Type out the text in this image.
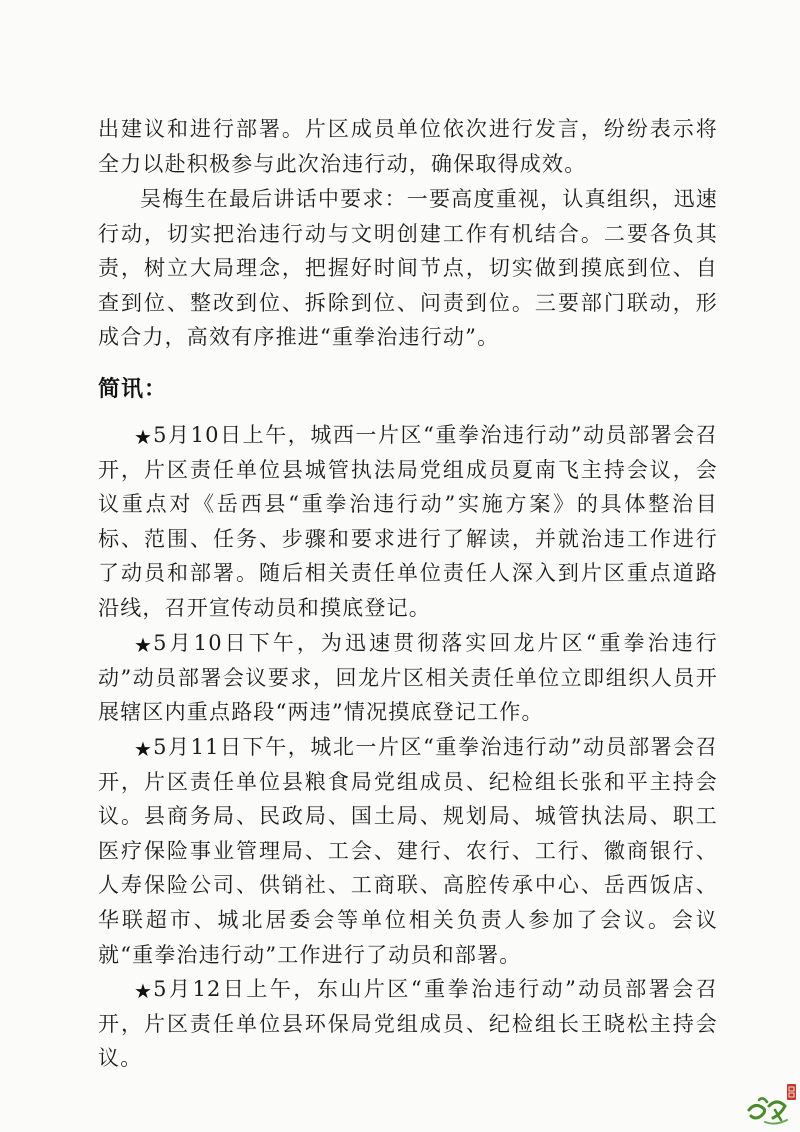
出建议和进行部署。片区成员单位依次进行发言，纷纷表示将全力以赴积极参与此次治违行动，确保取得成效。

吴梅生在最后讲话中要求：一要高度重视，认真组织，迅速行动，切实把治违行动与文明创建工作有机结合。二要各负其责，树立大局理念，把握好时间节点，切实做到摸底到位、自查到位、整改到位、拆除到位、问责到位。三要部门联动，形成合力，高效有序推进“重拳治违行动”。

简讯：

★5月10日上午，城西一片区“重拳治违行动”动员部署会召开，片区责任单位县城管执法局党组成员夏南飞主持会议，会议重点对《岳西县“重拳治违行动”实施方案》的具体整治目标、范围、任务、步骤和要求进行了解读，并就治违工作进行了动员和部署。随后相关责任单位责任人深入到片区重点道路沿线，召开宣传动员和摸底登记。

★5月10日下午，为迅速贯彻落实回龙片区“重拳治违行动”动员部署会议要求，回龙片区相关责任单位立即组织人员开展辖区内重点路段“两违”情况摸底登记工作。

★5月11日下午，城北一片区“重拳治违行动”动员部署会召开，片区责任单位县粮食局党组成员、纪检组长张和平主持会议。县商务局、民政局、国土局、规划局、城管执法局、职工医疗保险事业管理局、工会、建行、农行、工行、徽商银行、人寿保险公司、供销社、工商联、高腔传承中心、岳西饭店、华联超市、城北居委会等单位相关负责人参加了会议。会议就“重拳治违行动”工作进行了动员和部署。

★5月12日上午，东山片区“重拳治违行动”动员部署会召开，片区责任单位县环保局党组成员、纪检组长王晓松主持会议。
